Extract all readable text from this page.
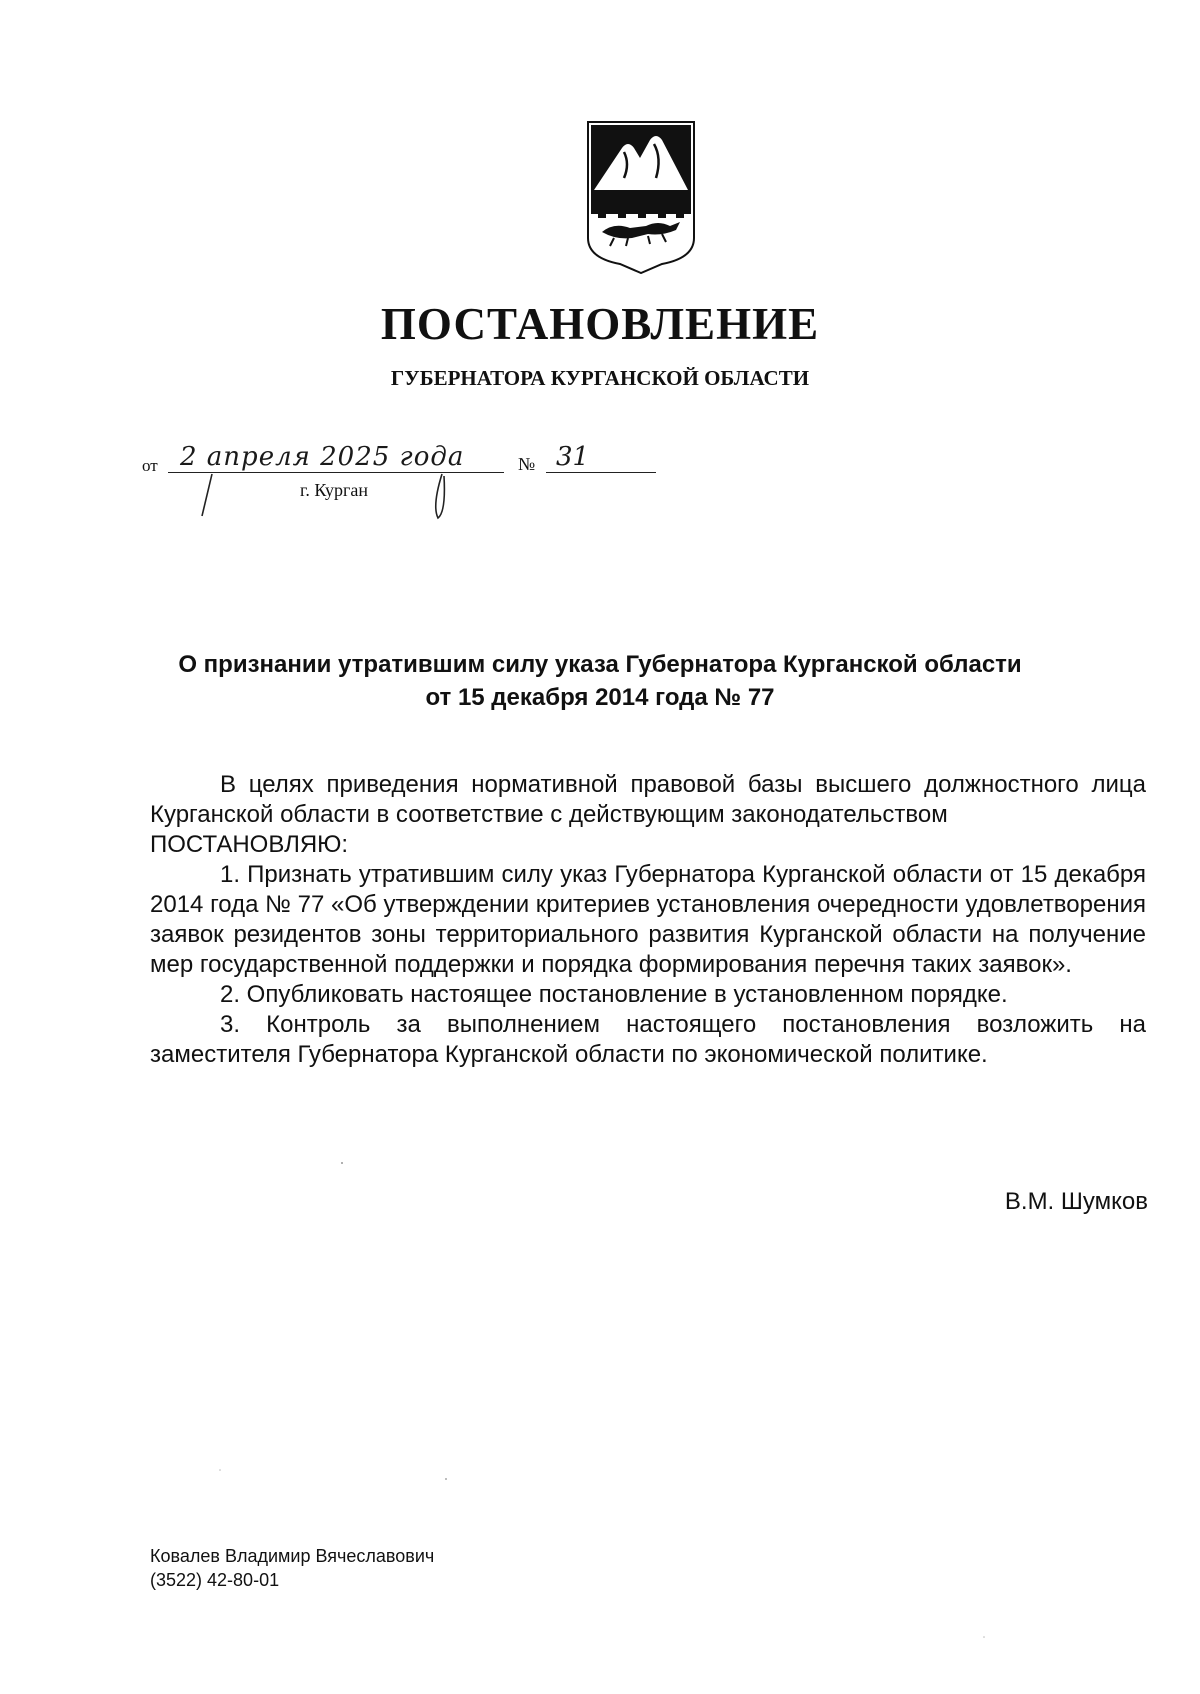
ПОСТАНОВЛЕНИЕ
ГУБЕРНАТОРА КУРГАНСКОЙ ОБЛАСТИ
от 2 апреля 2025 года	№ 31
г. Курган
О признании утратившим силу указа Губернатора Курганской области
от 15 декабря 2014 года № 77

В целях приведения нормативной правовой базы высшего должностного лица Курганской области в соответствие с действующим законодательством

ПОСТАНОВЛЯЮ:

1. Признать утратившим силу указ Губернатора Курганской области от 15 декабря 2014 года № 77 «Об утверждении критериев установления очередности удовлетворения заявок резидентов зоны территориального развития Курганской области на получение мер государственной поддержки и порядка формирования перечня таких заявок».

2. Опубликовать настоящее постановление в установленном порядке.

3. Контроль за выполнением настоящего постановления возложить на заместителя Губернатора Курганской области по экономической политике.

В.М. Шумков
Ковалев Владимир Вячеславович
(3522) 42-80-01
